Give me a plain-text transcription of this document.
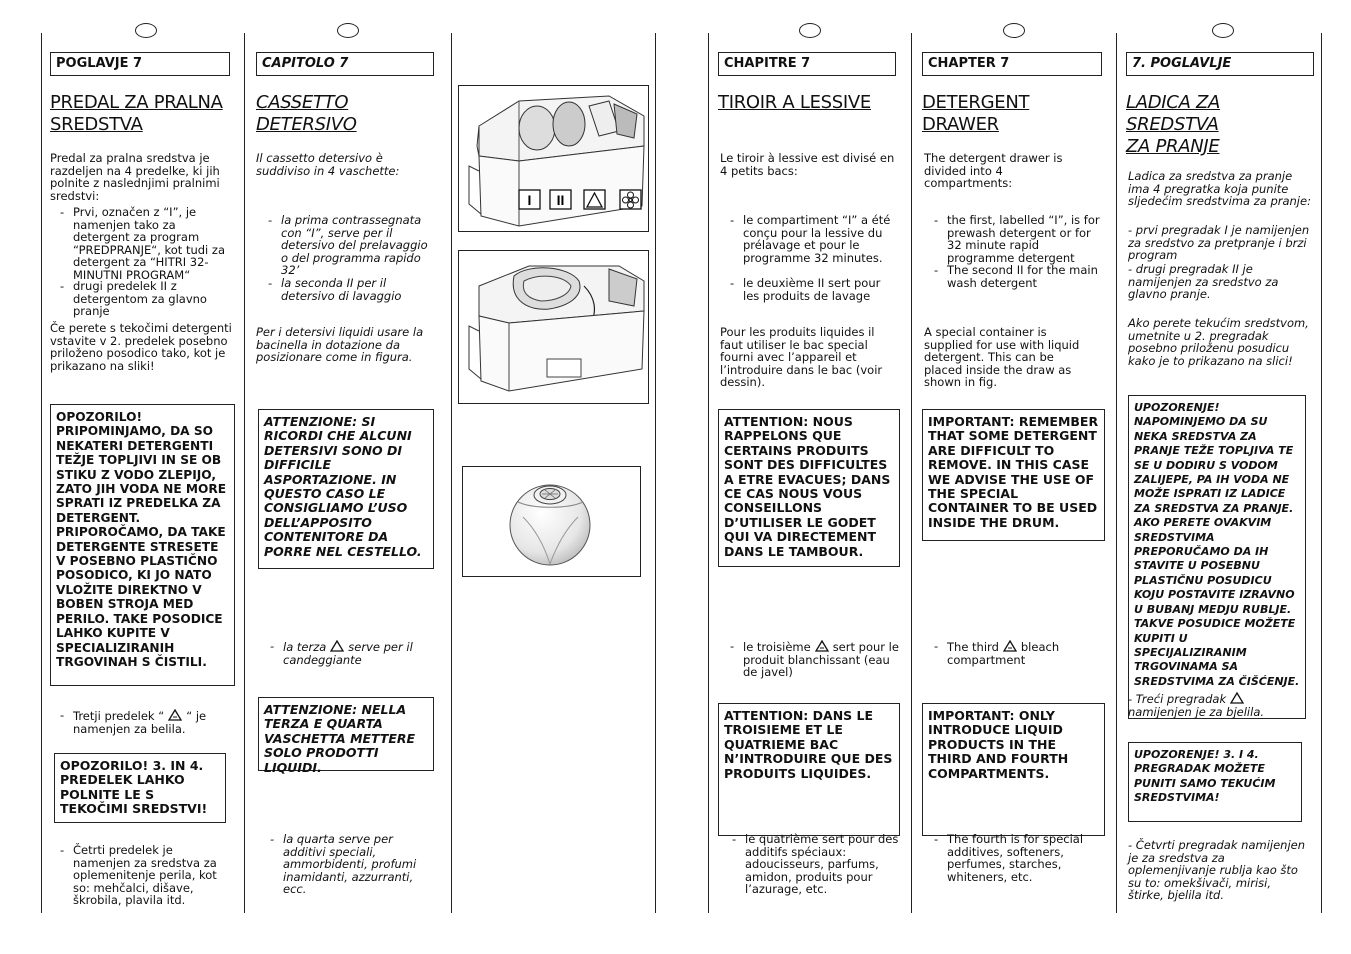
POGLAVJE 7
PREDAL ZA PRALNA
SREDSTVA
Predal za pralna sredstva je razdeljen na 4 predelke, ki jih polnite z naslednjimi pralnimi sredstvi:
- Prvi, označen z “I”, je namenjen tako za detergent za program “PREDPRANJE“, kot tudi za detergent za “HITRI 32-MINUTNI PROGRAM“
- drugi predelek II z detergentom za glavno pranje
Če perete s tekočimi detergenti vstavite v 2. predelek posebno priloženo posodico tako, kot je prikazano na sliki!
OPOZORILO! PRIPOMINJAMO, DA SO NEKATERI DETERGENTI TEŽJE TOPLJIVI IN SE OB STIKU Z VODO ZLEPIJO, ZATO JIH VODA NE MORE SPRATI IZ PREDELKA ZA DETERGENT. PRIPOROČAMO, DA TAKE DETERGENTE STRESETE V POSEBNO PLASTIČNO POSODICO, KI JO NATO VLOŽITE DIREKTNO V BOBEN STROJA MED PERILO. TAKE POSODICE LAHKO KUPITE V SPECIALIZIRANIH TRGOVINAH S ČISTILI.
- Tretji predelek “ “ je namenjen za belila.
OPOZORILO! 3. IN 4. PREDELEK LAHKO POLNITE LE S TEKOČIMI SREDSTVI!
- Četrti predelek je namenjen za sredstva za oplemenitenje perila, kot so: mehčalci, dišave, škrobila, plavila itd.
CAPITOLO 7
CASSETTO
DETERSIVO
Il cassetto detersivo è suddiviso in 4 vaschette:
- la prima contrassegnata con “I”, serve per il detersivo del prelavaggio o del programma rapido 32’
- la seconda II per il detersivo di lavaggio
Per i detersivi liquidi usare la bacinella in dotazione da posizionare come in figura.
ATTENZIONE: SI RICORDI CHE ALCUNI DETERSIVI SONO DI DIFFICILE ASPORTAZIONE. IN QUESTO CASO LE CONSIGLIAMO L’USO DELL’APPOSITO CONTENITORE DA PORRE NEL CESTELLO.
- la terza serve per il candeggiante
ATTENZIONE: NELLA TERZA E QUARTA VASCHETTA METTERE SOLO PRODOTTI LIQUIDI.
- la quarta serve per additivi speciali, ammorbidenti, profumi inamidanti, azzurranti, ecc.
I II
CHAPITRE 7
TIROIR A LESSIVE
Le tiroir à lessive est divisé en 4 petits bacs:
- le compartiment “I” a été conçu pour la lessive du prélavage et pour le programme 32 minutes.
- le deuxième II sert pour les produits de lavage
Pour les produits liquides il faut utiliser le bac special fourni avec l’appareil et l’introduire dans le bac (voir dessin).
ATTENTION: NOUS RAPPELONS QUE CERTAINS PRODUITS SONT DES DIFFICULTES A ETRE EVACUES; DANS CE CAS NOUS VOUS CONSEILLONS D’UTILISER LE GODET QUI VA DIRECTEMENT DANS LE TAMBOUR.
- le troisième sert pour le produit blanchissant (eau de javel)
ATTENTION: DANS LE TROISIEME ET LE QUATRIEME BAC N’INTRODUIRE QUE DES PRODUITS LIQUIDES.
- le quatrième sert pour des additifs spéciaux: adoucisseurs, parfums, amidon, produits pour l’azurage, etc.
CHAPTER 7
DETERGENT
DRAWER
The detergent drawer is divided into 4 compartments:
- the first, labelled “I”, is for prewash detergent or for 32 minute rapid programme detergent
- The second II for the main wash detergent
A special container is supplied for use with liquid detergent. This can be placed inside the draw as shown in fig.
IMPORTANT: REMEMBER THAT SOME DETERGENT ARE DIFFICULT TO REMOVE. IN THIS CASE WE ADVISE THE USE OF THE SPECIAL CONTAINER TO BE USED INSIDE THE DRUM.
- The third bleach compartment
IMPORTANT: ONLY INTRODUCE LIQUID PRODUCTS IN THE THIRD AND FOURTH COMPARTMENTS.
- The fourth is for special additives, softeners, perfumes, starches, whiteners, etc.
7. POGLAVLJE
LADICA ZA
SREDSTVA
ZA PRANJE
Ladica za sredstva za pranje ima 4 pregratka koja punite sljedećim sredstvima za pranje:
- prvi pregradak I je namijenjen za sredstvo za pretpranje i brzi program
- drugi pregradak II je namijenjen za sredstvo za glavno pranje.
Ako perete tekućim sredstvom, umetnite u 2. pregradak posebno priloženu posudicu kako je to prikazano na slici!
UPOZORENJE! NAPOMINJEMO DA SU NEKA SREDSTVA ZA PRANJE TEŽE TOPLJIVA TE SE U DODIRU S VODOM ZALIJEPE, PA IH VODA NE MOŽE ISPRATI IZ LADICE ZA SREDSTVA ZA PRANJE. AKO PERETE OVAKVIM SREDSTVIMA PREPORUČAMO DA IH STAVITE U POSEBNU PLASTIČNU POSUDICU KOJU POSTAVITE IZRAVNO U BUBANJ MEDJU RUBLJE. TAKVE POSUDICE MOŽETE KUPITI U SPECIJALIZIRANIM TRGOVINAMA SA SREDSTVIMA ZA ČIŠĆENJE.
- Treći pregradak
namijenjen je za bjelila.
UPOZORENJE! 3. I 4. PREGRADAK MOŽETE PUNITI SAMO TEKUĆIM SREDSTVIMA!
- Četvrti pregradak namijenjen je za sredstva za oplemenjivanje rublja kao što su to: omekšivači, mirisi, štirke, bjelila itd.
